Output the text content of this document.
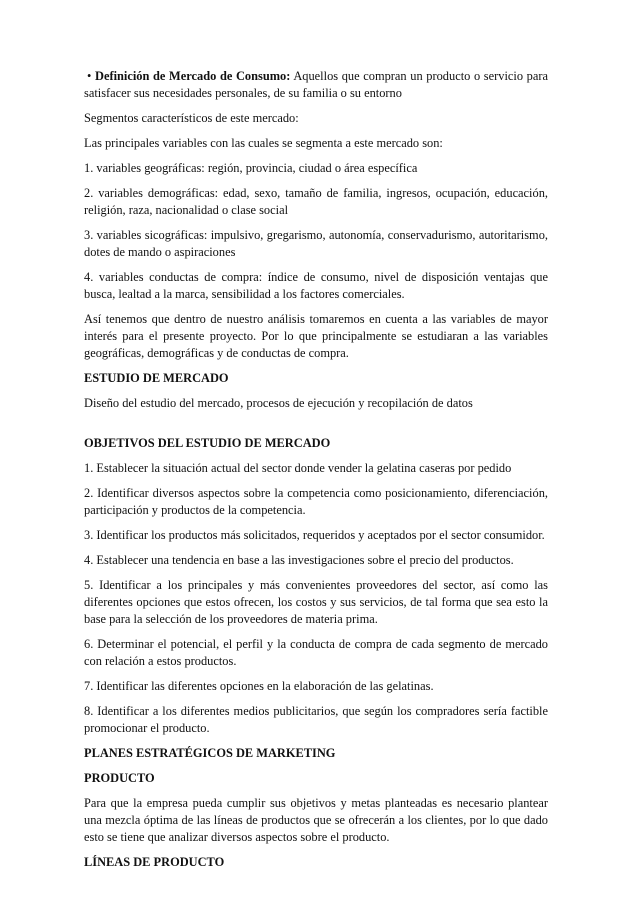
• Definición de Mercado de Consumo: Aquellos que compran un producto o servicio para satisfacer sus necesidades personales, de su familia o su entorno

Segmentos característicos de este mercado:

Las principales variables con las cuales se segmenta a este mercado son:

1. variables geográficas: región, provincia, ciudad o área específica

2. variables demográficas: edad, sexo, tamaño de familia, ingresos, ocupación, educación, religión, raza, nacionalidad o clase social

3. variables sicográficas: impulsivo, gregarismo, autonomía, conservadurismo, autoritarismo, dotes de mando o aspiraciones

4. variables conductas de compra: índice de consumo, nivel de disposición ventajas que busca, lealtad a la marca, sensibilidad a los factores comerciales.

Así tenemos que dentro de nuestro análisis tomaremos en cuenta a las variables de mayor interés para el presente proyecto. Por lo que principalmente se estudiaran a las variables geográficas, demográficas y de conductas de compra.

ESTUDIO DE MERCADO

Diseño del estudio del mercado, procesos de ejecución y recopilación de datos

OBJETIVOS DEL ESTUDIO DE MERCADO

1. Establecer la situación actual del sector donde vender la gelatina caseras por pedido

2. Identificar diversos aspectos sobre la competencia como posicionamiento, diferenciación, participación y productos de la competencia.

3. Identificar los productos más solicitados, requeridos y aceptados por el sector consumidor.

4. Establecer una tendencia en base a las investigaciones sobre el precio del productos.

5. Identificar a los principales y más convenientes proveedores del sector, así como las diferentes opciones que estos ofrecen, los costos y sus servicios, de tal forma que sea esto la base para la selección de los proveedores de materia prima.

6. Determinar el potencial, el perfil y la conducta de compra de cada segmento de mercado con relación a estos productos.

7. Identificar las diferentes opciones en la elaboración de las gelatinas.

8. Identificar a los diferentes medios publicitarios, que según los compradores sería factible promocionar el producto.

PLANES ESTRATÉGICOS DE MARKETING

PRODUCTO

Para que la empresa pueda cumplir sus objetivos y metas planteadas es necesario plantear una mezcla óptima de las líneas de productos que se ofrecerán a los clientes, por lo que dado esto se tiene que analizar diversos aspectos sobre el producto.

LÍNEAS DE PRODUCTO
